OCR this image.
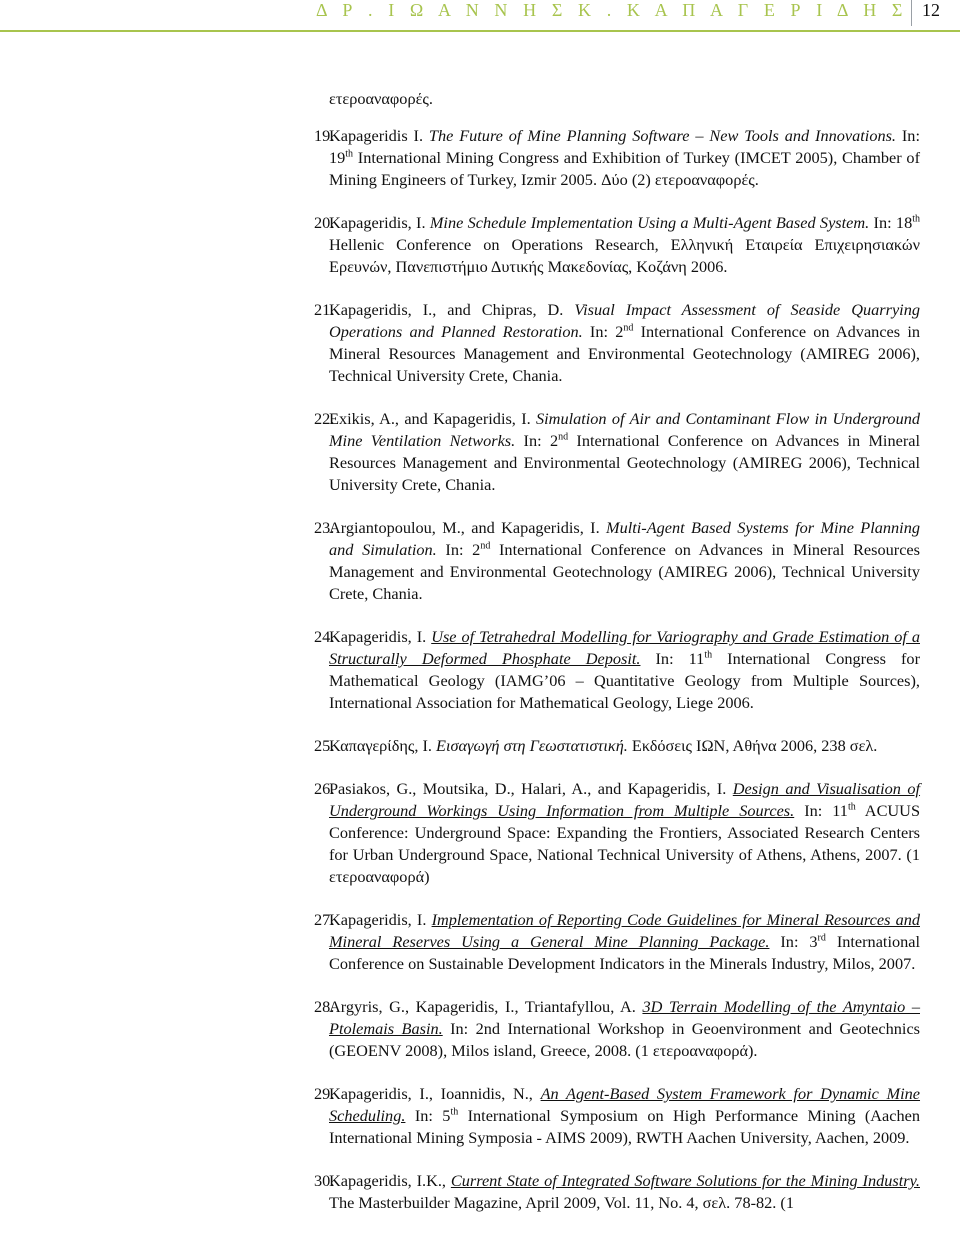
Δ Ρ . Ι Ω Α Ν Ν Η Σ Κ . Κ Α Π Α Γ Ε Ρ Ι Δ Η Σ 12
ετεροαναφορές.
19.
Kapageridis I. The Future of Mine Planning Software – New Tools and Innovations. In: 19th International Mining Congress and Exhibition of Turkey (IMCET 2005), Chamber of Mining Engineers of Turkey, Izmir 2005. Δύο (2) ετεροαναφορές.
20.
Kapageridis, I. Mine Schedule Implementation Using a Multi-Agent Based System. In: 18th Hellenic Conference on Operations Research, Ελληνική Εταιρεία Επιχειρησιακών Ερευνών, Πανεπιστήμιο Δυτικής Μακεδονίας, Κοζάνη 2006.
21.
Kapageridis, I., and Chipras, D. Visual Impact Assessment of Seaside Quarrying Operations and Planned Restoration. In: 2nd International Conference on Advances in Mineral Resources Management and Environmental Geotechnology (AMIREG 2006), Technical University Crete, Chania.
22.
Exikis, A., and Kapageridis, I. Simulation of Air and Contaminant Flow in Underground Mine Ventilation Networks. In: 2nd International Conference on Advances in Mineral Resources Management and Environmental Geotechnology (AMIREG 2006), Technical University Crete, Chania.
23.
Argiantopoulou, M., and Kapageridis, I. Multi-Agent Based Systems for Mine Planning and Simulation. In: 2nd International Conference on Advances in Mineral Resources Management and Environmental Geotechnology (AMIREG 2006), Technical University Crete, Chania.
24.
Kapageridis, I. Use of Tetrahedral Modelling for Variography and Grade Estimation of a Structurally Deformed Phosphate Deposit. In: 11th International Congress for Mathematical Geology (IAMG’06 – Quantitative Geology from Multiple Sources), International Association for Mathematical Geology, Liege 2006.
25.
Καπαγερίδης, Ι. Εισαγωγή στη Γεωστατιστική. Εκδόσεις ΙΩΝ, Αθήνα 2006, 238 σελ.
26.
Pasiakos, G., Moutsika, D., Halari, A., and Kapageridis, I. Design and Visualisation of Underground Workings Using Information from Multiple Sources. In: 11th ACUUS Conference: Underground Space: Expanding the Frontiers, Associated Research Centers for Urban Underground Space, National Technical University of Athens, Athens, 2007. (1 ετεροαναφορά)
27.
Kapageridis, I. Implementation of Reporting Code Guidelines for Mineral Resources and Mineral Reserves Using a General Mine Planning Package. In: 3rd International Conference on Sustainable Development Indicators in the Minerals Industry, Milos, 2007.
28.
Argyris, G., Kapageridis, I., Triantafyllou, A. 3D Terrain Modelling of the Amyntaio – Ptolemais Basin. In: 2nd International Workshop in Geoenvironment and Geotechnics (GEOENV 2008), Milos island, Greece, 2008. (1 ετεροαναφορά).
29.
Kapageridis, I., Ioannidis, N., An Agent-Based System Framework for Dynamic Mine Scheduling. In: 5th International Symposium on High Performance Mining (Aachen International Mining Symposia - AIMS 2009), RWTH Aachen University, Aachen, 2009.
30.
Kapageridis, I.K., Current State of Integrated Software Solutions for the Mining Industry. The Masterbuilder Magazine, April 2009, Vol. 11, No. 4, σελ. 78-82. (1
